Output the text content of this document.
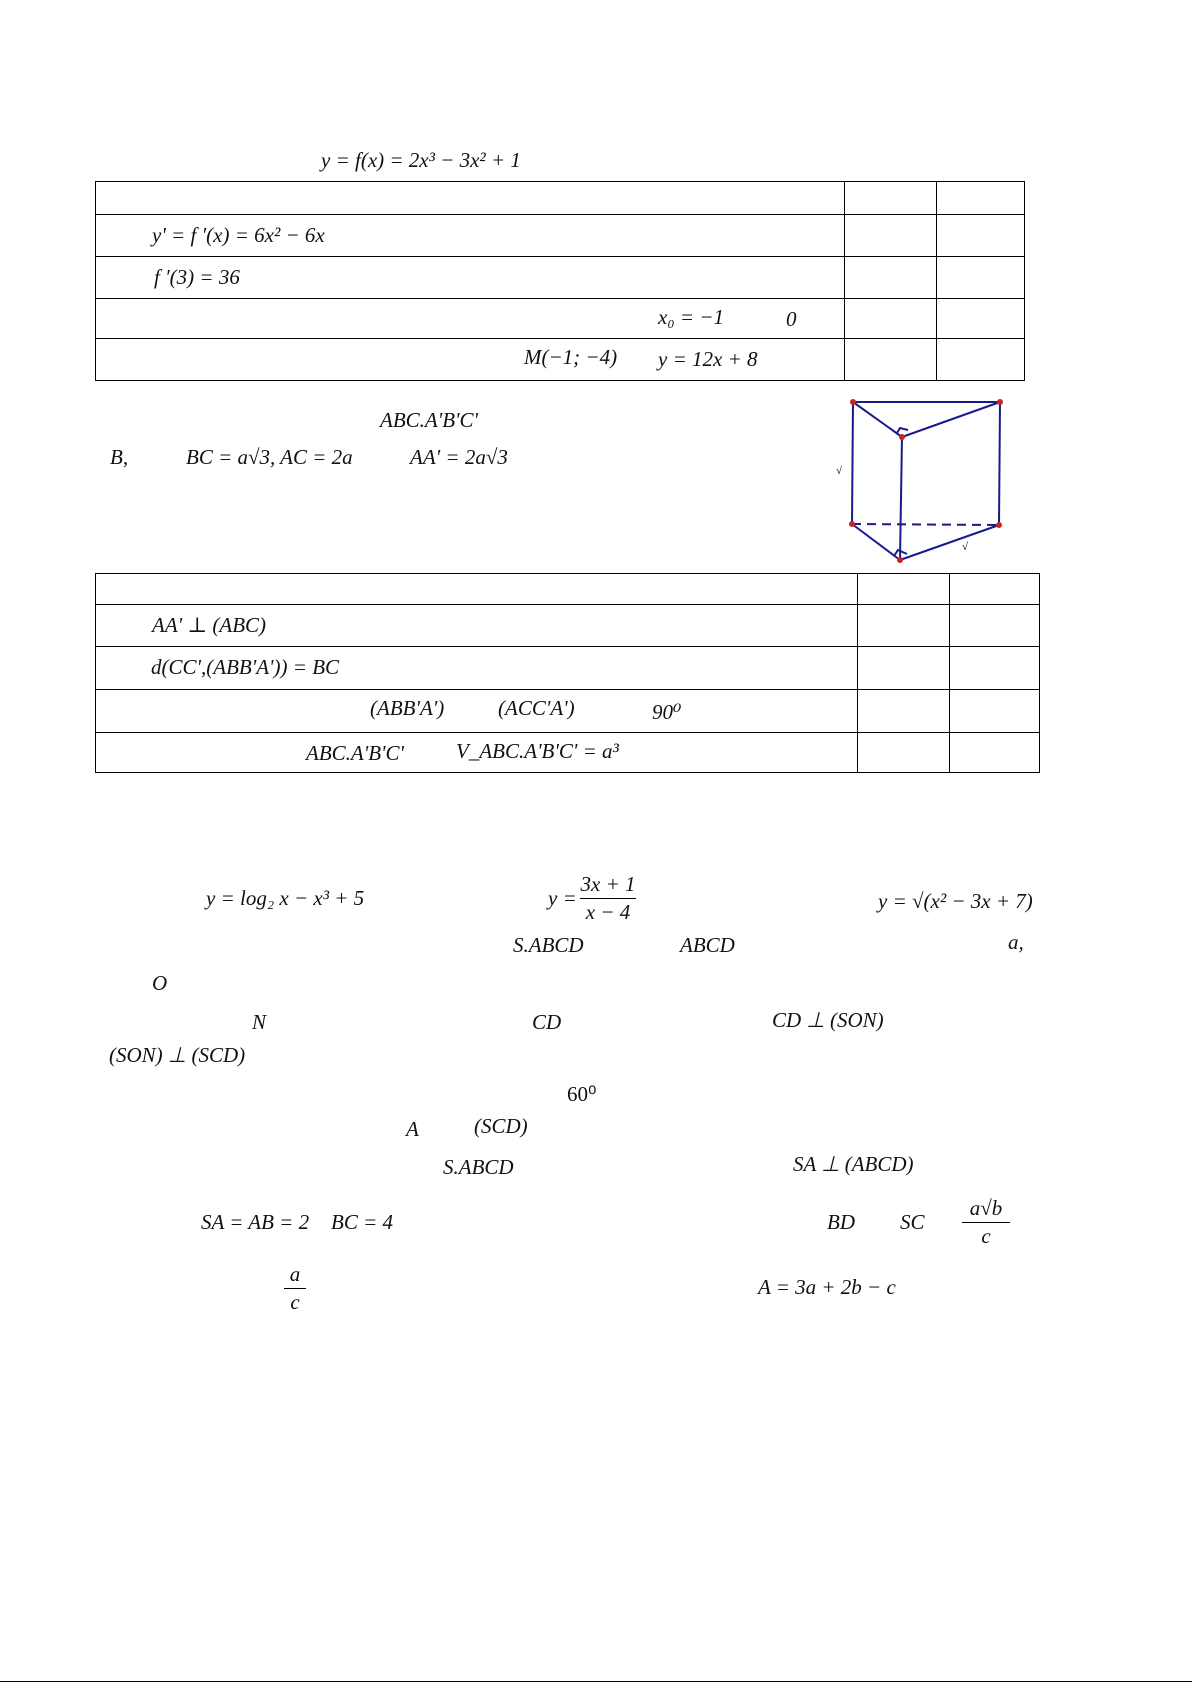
y = f(x) = 2x³ − 3x² + 1

y' = f ′(x) = 6x² − 6x		

f ′(3) = 36		

x₀ = −1 0		

M(−1; −4) y = 12x + 8		

ABC.A'B'C'
B,	BC = a√3, AC = 2a	AA' = 2a√3
√
√

AA' ⊥ (ABC)		

d(CC',(ABB'A')) = BC		

(ABB'A') (ACC'A') 90⁰		

ABC.A'B'C' V_ABC.A'B'C' = a³		

y = log₂ x − x³ + 5	y =
3x + 1
x − 4	y = √(x² − 3x + 7)
S.ABCD	ABCD	a,
O
N	CD	CD ⊥ (SON)
(SON) ⊥ (SCD)
60⁰
A	(SCD)
S.ABCD	SA ⊥ (ABCD)
SA = AB = 2 BC = 4	BD SC
a√b
c
a
c
A = 3a + 2b − c
